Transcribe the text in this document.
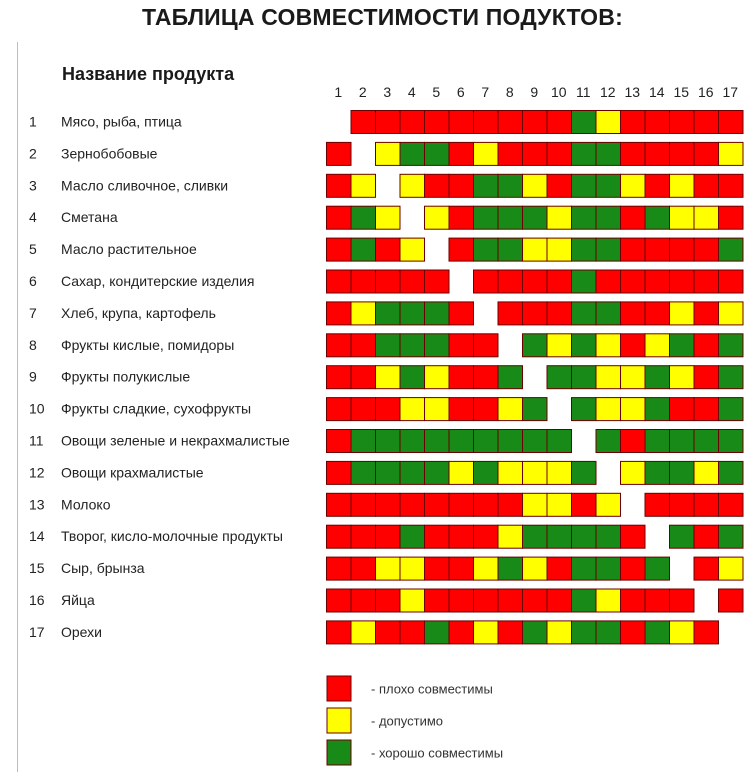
ТАБЛИЦА СОВМЕСТИМОСТИ ПОДУКТОВ:
Название продукта
1 2 3 4 5 6 7 8 9 10 11 12 13 14 15 16 17
1 Мясо, рыба, птица
2 Зернобобовые
3 Масло сливочное, сливки
4 Сметана
5 Масло растительное
6 Сахар, кондитерские изделия
7 Хлеб, крупа, картофель
8 Фрукты кислые, помидоры
9 Фрукты полукислые
10 Фрукты сладкие, сухофрукты
11 Овощи зеленые и некрахмалистые
12 Овощи крахмалистые
13 Молоко
14 Творог, кисло-молочные продукты
15 Сыр, брынза
16 Яйца
17 Орехи
- плохо совместимы
- допустимо
- хорошо совместимы
